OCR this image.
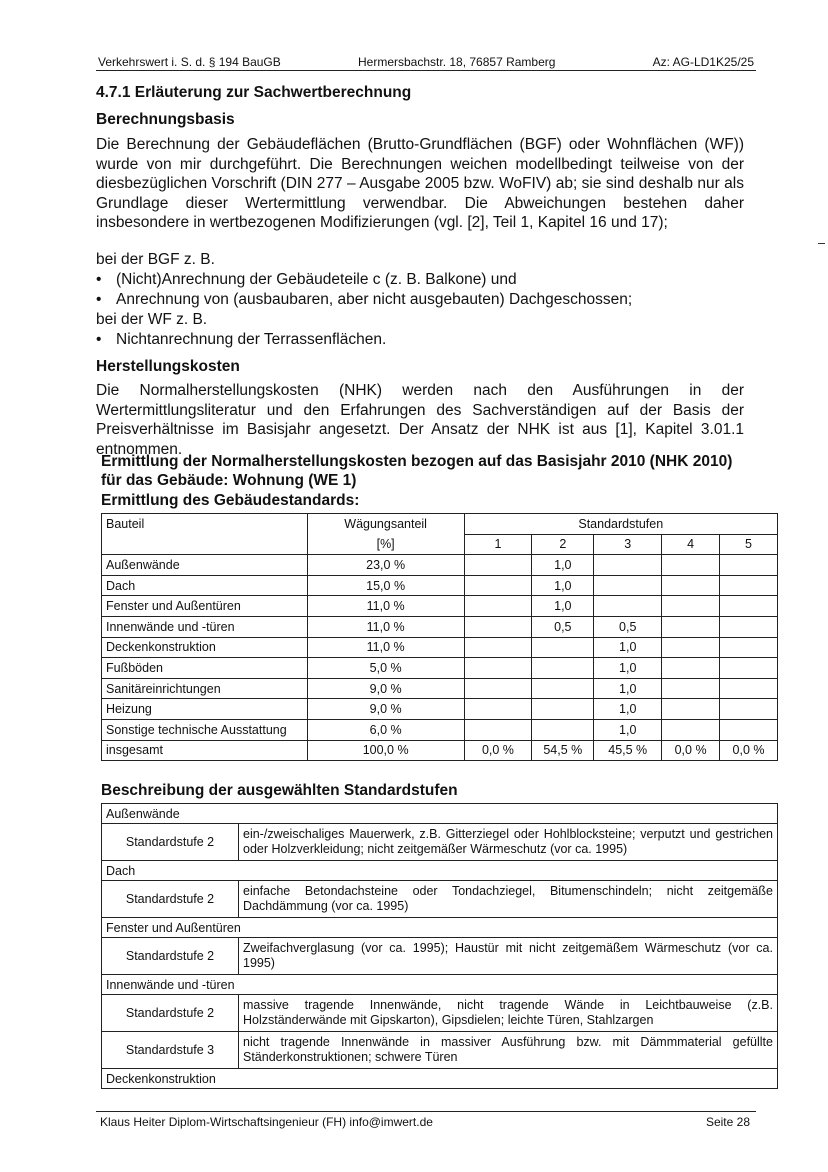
Verkehrswert i. S. d. § 194 BauGB	Hermersbachstr. 18, 76857 Ramberg	Az: AG-LD1K25/25
4.7.1 Erläuterung zur Sachwertberechnung
Berechnungsbasis
Die Berechnung der Gebäudeflächen (Brutto-Grundflächen (BGF) oder Wohnflächen (WF)) wurde von mir durchgeführt. Die Berechnungen weichen modellbedingt teilweise von der diesbezüglichen Vorschrift (DIN 277 – Ausgabe 2005 bzw. WoFIV) ab; sie sind deshalb nur als Grundlage dieser Wertermittlung verwendbar. Die Abweichungen bestehen daher insbesondere in wertbezogenen Modifizierungen (vgl. [2], Teil 1, Kapitel 16 und 17);
bei der BGF z. B.
• (Nicht)Anrechnung der Gebäudeteile c (z. B. Balkone) und
• Anrechnung von (ausbaubaren, aber nicht ausgebauten) Dachgeschossen;
bei der WF z. B.
• Nichtanrechnung der Terrassenflächen.
Herstellungskosten
Die Normalherstellungskosten (NHK) werden nach den Ausführungen in der Wertermittlungsliteratur und den Erfahrungen des Sachverständigen auf der Basis der Preisverhältnisse im Basisjahr angesetzt. Der Ansatz der NHK ist aus [1], Kapitel 3.01.1 entnommen.
Ermittlung der Normalherstellungskosten bezogen auf das Basisjahr 2010 (NHK 2010)
für das Gebäude: Wohnung (WE 1)
Ermittlung des Gebäudestandards:
Bauteil	Wägungsanteil	Standardstufen				
	[%]	1	2	3	4	5
Außenwände	23,0 %		1,0			
Dach	15,0 %		1,0			
Fenster und Außentüren	11,0 %		1,0			
Innenwände und -türen	11,0 %		0,5	0,5		
Deckenkonstruktion	11,0 %			1,0		
Fußböden	5,0 %			1,0		
Sanitäreinrichtungen	9,0 %			1,0		
Heizung	9,0 %			1,0		
Sonstige technische Ausstattung	6,0 %			1,0		
insgesamt	100,0 %	0,0 %	54,5 %	45,5 %	0,0 %	0,0 %
Beschreibung der ausgewählten Standardstufen
Außenwände	
Standardstufe 2	ein-/zweischaliges Mauerwerk, z.B. Gitterziegel oder Hohlblocksteine; verputzt und gestrichen oder Holzverkleidung; nicht zeitgemäßer Wärmeschutz (vor ca. 1995)
Dach	
Standardstufe 2	einfache Betondachsteine oder Tondachziegel, Bitumenschindeln; nicht zeitgemäße Dachdämmung (vor ca. 1995)
Fenster und Außentüren	
Standardstufe 2	Zweifachverglasung (vor ca. 1995); Haustür mit nicht zeitgemäßem Wärmeschutz (vor ca. 1995)
Innenwände und -türen	
Standardstufe 2	massive tragende Innenwände, nicht tragende Wände in Leichtbauweise (z.B. Holzständerwände mit Gipskarton), Gipsdielen; leichte Türen, Stahlzargen
Standardstufe 3	nicht tragende Innenwände in massiver Ausführung bzw. mit Dämmmaterial gefüllte Ständerkonstruktionen; schwere Türen
Deckenkonstruktion	
Klaus Heiter Diplom-Wirtschaftsingenieur (FH) info@imwert.de	Seite 28
